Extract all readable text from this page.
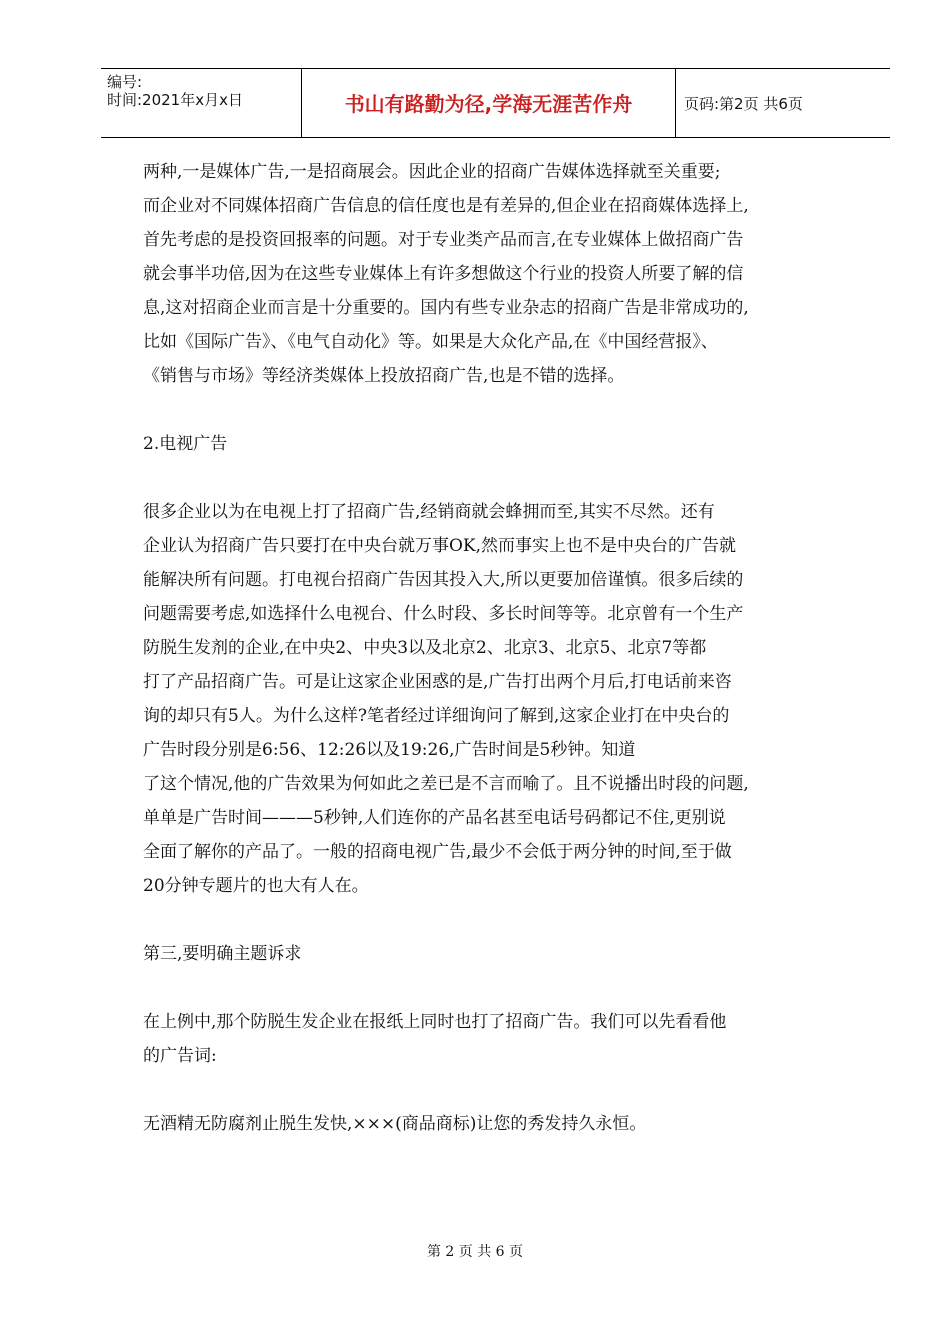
编号:
时间:2021年x月x日	书山有路勤为径,学海无涯苦作舟	页码:第2页 共6页

两种,一是媒体广告,一是招商展会。因此企业的招商广告媒体选择就至关重要;

而企业对不同媒体招商广告信息的信任度也是有差异的,但企业在招商媒体选择上,

首先考虑的是投资回报率的问题。对于专业类产品而言,在专业媒体上做招商广告

就会事半功倍,因为在这些专业媒体上有许多想做这个行业的投资人所要了解的信

息,这对招商企业而言是十分重要的。国内有些专业杂志的招商广告是非常成功的,

比如《国际广告》、《电气自动化》等。如果是大众化产品,在《中国经营报》、

《销售与市场》等经济类媒体上投放招商广告,也是不错的选择。

2.电视广告

很多企业以为在电视上打了招商广告,经销商就会蜂拥而至,其实不尽然。还有

企业认为招商广告只要打在中央台就万事OK,然而事实上也不是中央台的广告就

能解决所有问题。打电视台招商广告因其投入大,所以更要加倍谨慎。很多后续的

问题需要考虑,如选择什么电视台、什么时段、多长时间等等。北京曾有一个生产

防脱生发剂的企业,在中央2、中央3以及北京2、北京3、北京5、北京7等都

打了产品招商广告。可是让这家企业困惑的是,广告打出两个月后,打电话前来咨

询的却只有5人。为什么这样?笔者经过详细询问了解到,这家企业打在中央台的

广告时段分别是6:56、12:26以及19:26,广告时间是5秒钟。知道

了这个情况,他的广告效果为何如此之差已是不言而喻了。且不说播出时段的问题,

单单是广告时间———5秒钟,人们连你的产品名甚至电话号码都记不住,更别说

全面了解你的产品了。一般的招商电视广告,最少不会低于两分钟的时间,至于做

20分钟专题片的也大有人在。

第三,要明确主题诉求

在上例中,那个防脱生发企业在报纸上同时也打了招商广告。我们可以先看看他

的广告词:

无酒精无防腐剂止脱生发快,×××(商品商标)让您的秀发持久永恒。

第 2 页 共 6 页
